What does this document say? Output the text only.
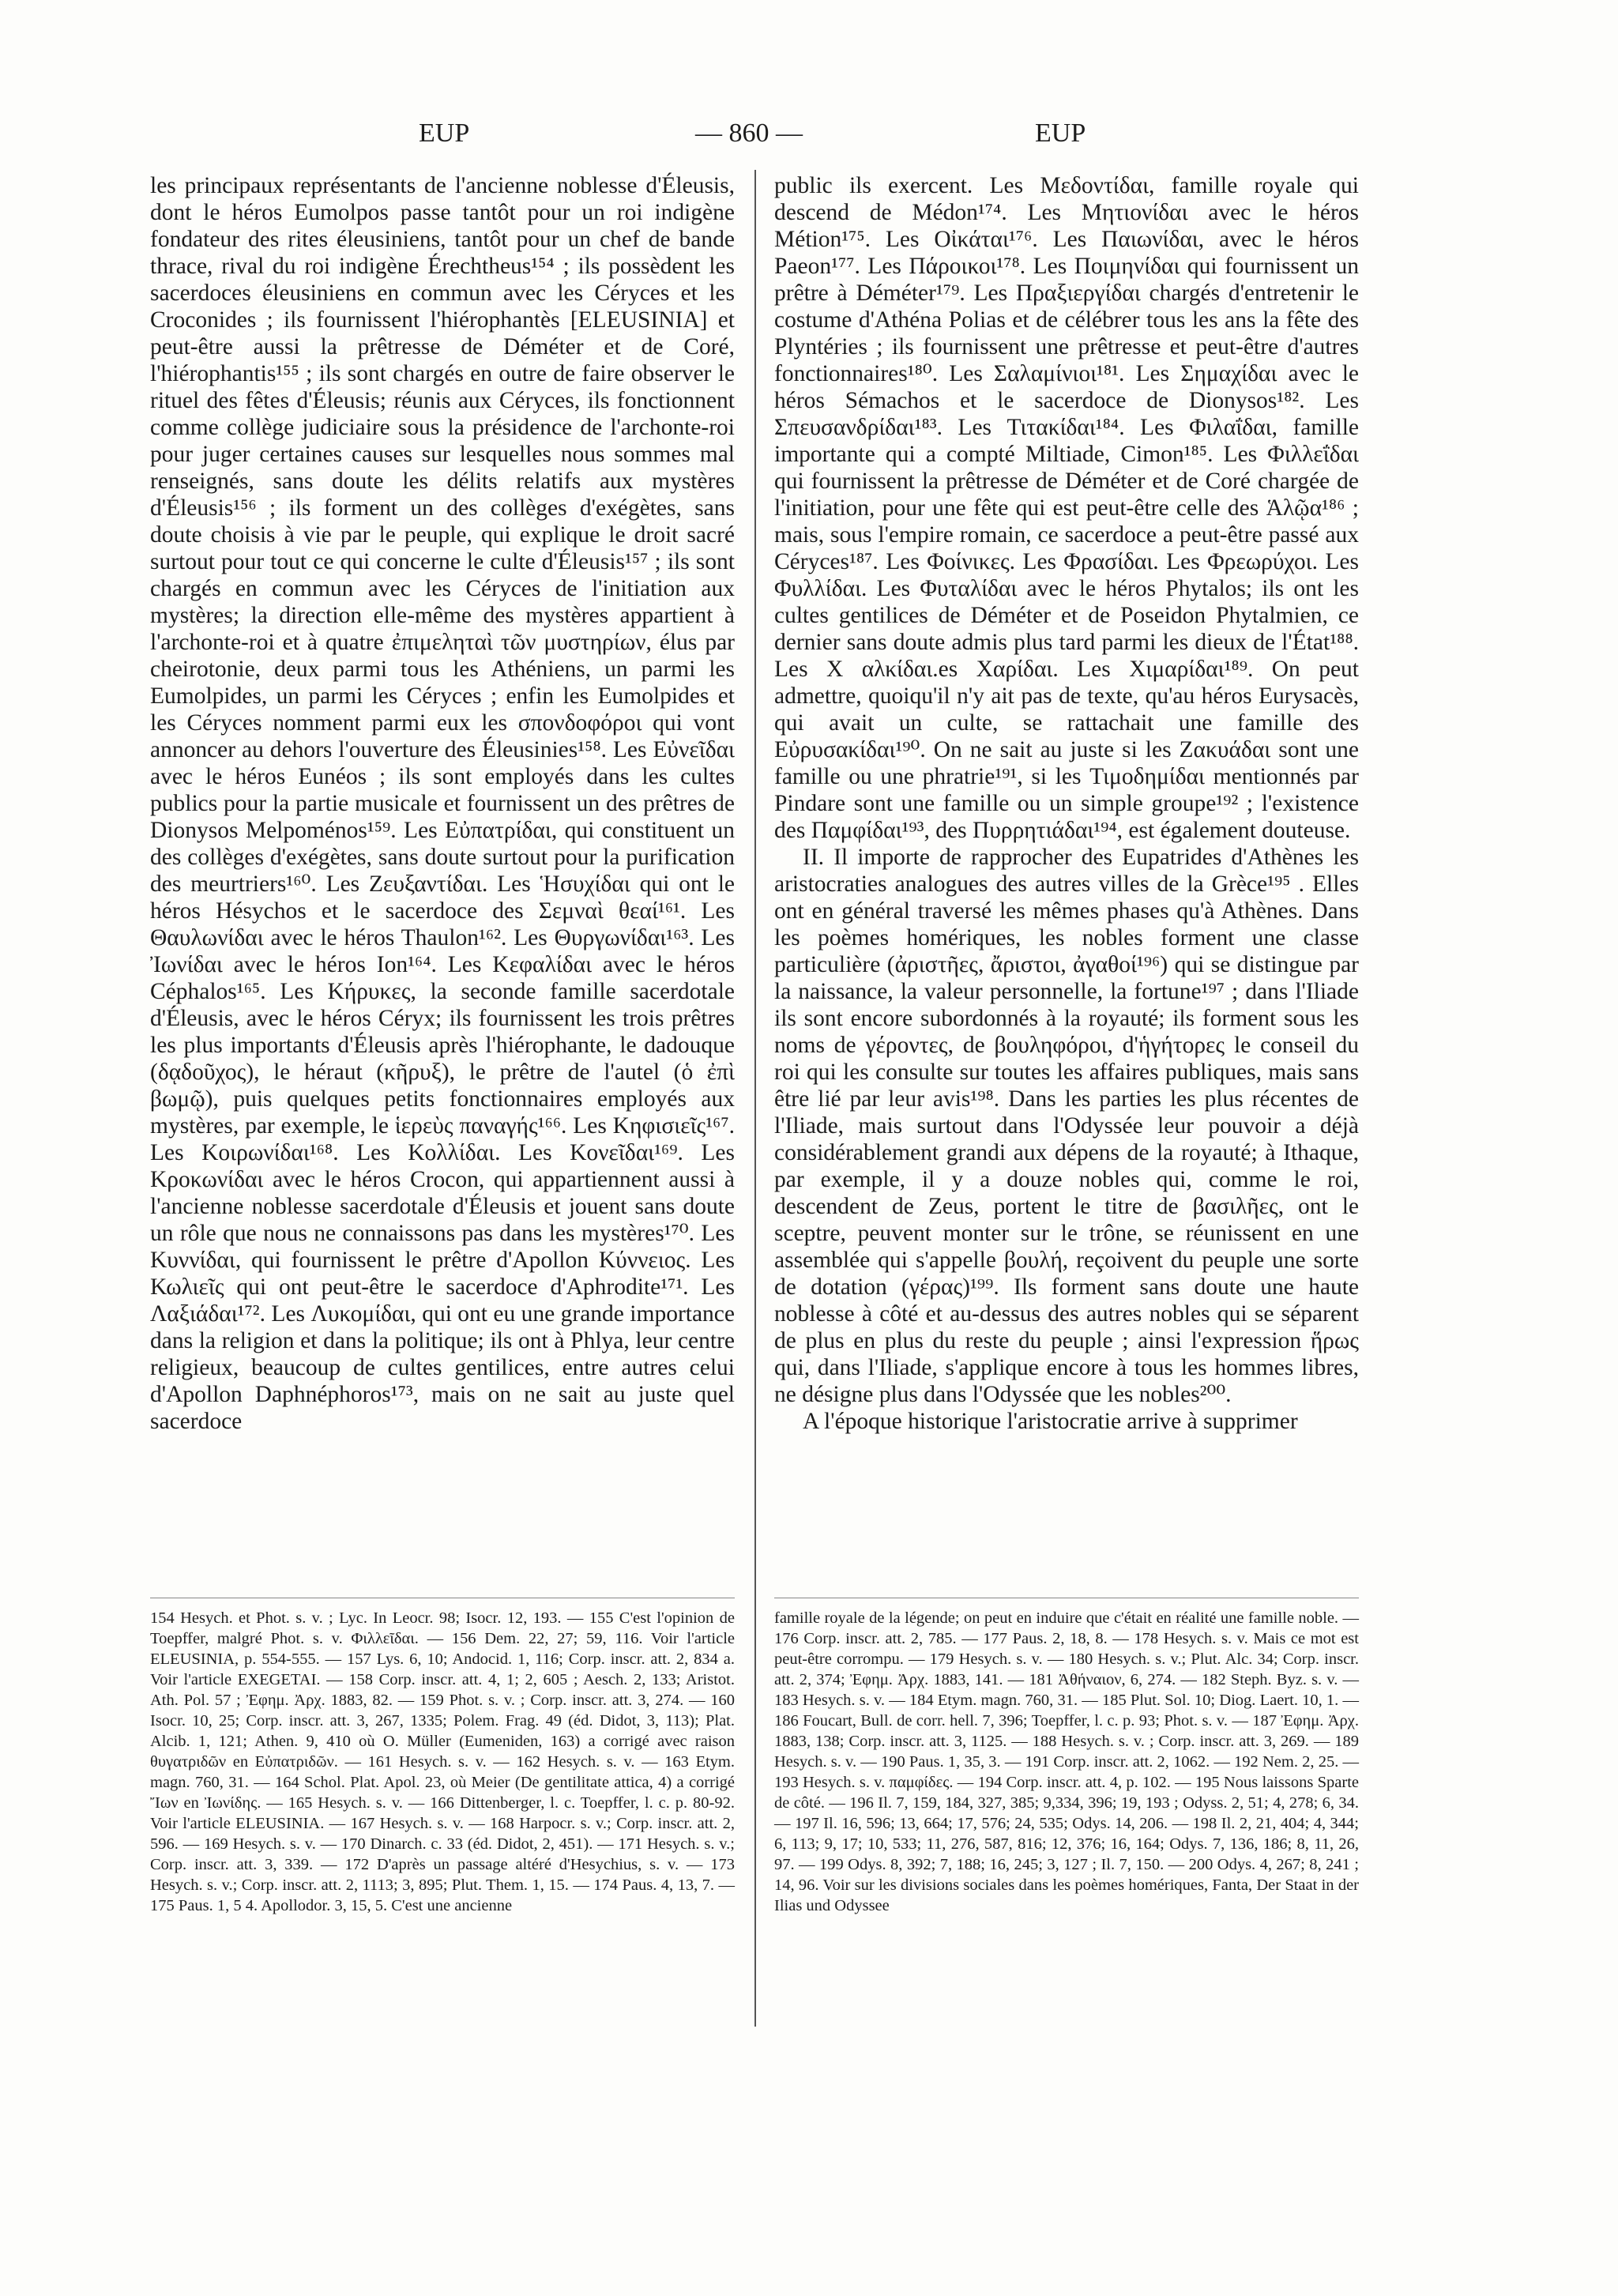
EUP	— 860 —	EUP

les principaux représentants de l'ancienne noblesse d'Éleusis, dont le héros Eumolpos passe tantôt pour un roi indigène fondateur des rites éleusiniens, tantôt pour un chef de bande thrace, rival du roi indigène Érechtheus¹⁵⁴ ; ils possèdent les sacerdoces éleusiniens en commun avec les Céryces et les Croconides ; ils fournissent l'hiérophantès [ELEUSINIA] et peut-être aussi la prêtresse de Déméter et de Coré, l'hiérophantis¹⁵⁵ ; ils sont chargés en outre de faire observer le rituel des fêtes d'Éleusis; réunis aux Céryces, ils fonctionnent comme collège judiciaire sous la présidence de l'archonte-roi pour juger certaines causes sur lesquelles nous sommes mal renseignés, sans doute les délits relatifs aux mystères d'Éleusis¹⁵⁶ ; ils forment un des collèges d'exégètes, sans doute choisis à vie par le peuple, qui explique le droit sacré surtout pour tout ce qui concerne le culte d'Éleusis¹⁵⁷ ; ils sont chargés en commun avec les Céryces de l'initiation aux mystères; la direction elle-même des mystères appartient à l'archonte-roi et à quatre ἐπιμεληταὶ τῶν μυστηρίων, élus par cheirotonie, deux parmi tous les Athéniens, un parmi les Eumolpides, un parmi les Céryces ; enfin les Eumolpides et les Céryces nomment parmi eux les σπονδοφόροι qui vont annoncer au dehors l'ouverture des Éleusinies¹⁵⁸. Les Εὐνεῖδαι avec le héros Eunéos ; ils sont employés dans les cultes publics pour la partie musicale et fournissent un des prêtres de Dionysos Melpoménos¹⁵⁹. Les Εὐπατρίδαι, qui constituent un des collèges d'exégètes, sans doute surtout pour la purification des meurtriers¹⁶⁰. Les Ζευξαντίδαι. Les Ἡσυχίδαι qui ont le héros Hésychos et le sacerdoce des Σεμναὶ θεαί¹⁶¹. Les Θαυλωνίδαι avec le héros Thaulon¹⁶². Les Θυργωνίδαι¹⁶³. Les Ἰωνίδαι avec le héros Ion¹⁶⁴. Les Κεφαλίδαι avec le héros Céphalos¹⁶⁵. Les Κήρυκες, la seconde famille sacerdotale d'Éleusis, avec le héros Céryx; ils fournissent les trois prêtres les plus importants d'Éleusis après l'hiérophante, le dadouque (δᾳδοῦχος), le héraut (κῆρυξ), le prêtre de l'autel (ὁ ἐπὶ βωμῷ), puis quelques petits fonctionnaires employés aux mystères, par exemple, le ἱερεὺς παναγής¹⁶⁶. Les Κηφισιεῖς¹⁶⁷. Les Κοιρωνίδαι¹⁶⁸. Les Κολλίδαι. Les Κονεῖδαι¹⁶⁹. Les Κροκωνίδαι avec le héros Crocon, qui appartiennent aussi à l'ancienne noblesse sacerdotale d'Éleusis et jouent sans doute un rôle que nous ne connaissons pas dans les mystères¹⁷⁰. Les Κυννίδαι, qui fournissent le prêtre d'Apollon Κύννειος. Les Κωλιεῖς qui ont peut-être le sacerdoce d'Aphrodite¹⁷¹. Les Λαξιάδαι¹⁷². Les Λυκομίδαι, qui ont eu une grande importance dans la religion et dans la politique; ils ont à Phlya, leur centre religieux, beaucoup de cultes gentilices, entre autres celui d'Apollon Daphnéphoros¹⁷³, mais on ne sait au juste quel sacerdoce

public ils exercent. Les Μεδοντίδαι, famille royale qui descend de Médon¹⁷⁴. Les Μητιονίδαι avec le héros Métion¹⁷⁵. Les Οἰκάται¹⁷⁶. Les Παιωνίδαι, avec le héros Paeon¹⁷⁷. Les Πάροικοι¹⁷⁸. Les Ποιμηνίδαι qui fournissent un prêtre à Déméter¹⁷⁹. Les Πραξιεργίδαι chargés d'entretenir le costume d'Athéna Polias et de célébrer tous les ans la fête des Plyntéries ; ils fournissent une prêtresse et peut-être d'autres fonctionnaires¹⁸⁰. Les Σαλαμίνιοι¹⁸¹. Les Σημαχίδαι avec le héros Sémachos et le sacerdoce de Dionysos¹⁸². Les Σπευσανδρίδαι¹⁸³. Les Τιτακίδαι¹⁸⁴. Les Φιλαΐδαι, famille importante qui a compté Miltiade, Cimon¹⁸⁵. Les Φιλλεΐδαι qui fournissent la prêtresse de Déméter et de Coré chargée de l'initiation, pour une fête qui est peut-être celle des Ἁλῷα¹⁸⁶ ; mais, sous l'empire romain, ce sacerdoce a peut-être passé aux Céryces¹⁸⁷. Les Φοίνικες. Les Φρασίδαι. Les Φρεωρύχοι. Les Φυλλίδαι. Les Φυταλίδαι avec le héros Phytalos; ils ont les cultes gentilices de Déméter et de Poseidon Phytalmien, ce dernier sans doute admis plus tard parmi les dieux de l'État¹⁸⁸. Les Χ αλκίδαι.es Χαρίδαι. Les Χιμαρίδαι¹⁸⁹. On peut admettre, quoiqu'il n'y ait pas de texte, qu'au héros Eurysacès, qui avait un culte, se rattachait une famille des Εὐρυσακίδαι¹⁹⁰. On ne sait au juste si les Ζακυάδαι sont une famille ou une phratrie¹⁹¹, si les Τιμοδημίδαι mentionnés par Pindare sont une famille ou un simple groupe¹⁹² ; l'existence des Παμφίδαι¹⁹³, des Πυρρητιάδαι¹⁹⁴, est également douteuse.

II. Il importe de rapprocher des Eupatrides d'Athènes les aristocraties analogues des autres villes de la Grèce¹⁹⁵ . Elles ont en général traversé les mêmes phases qu'à Athènes. Dans les poèmes homériques, les nobles forment une classe particulière (ἀριστῆες, ἄριστοι, ἀγαθοί¹⁹⁶) qui se distingue par la naissance, la valeur personnelle, la fortune¹⁹⁷ ; dans l'Iliade ils sont encore subordonnés à la royauté; ils forment sous les noms de γέροντες, de βουληφόροι, d'ἡγήτορες le conseil du roi qui les consulte sur toutes les affaires publiques, mais sans être lié par leur avis¹⁹⁸. Dans les parties les plus récentes de l'Iliade, mais surtout dans l'Odyssée leur pouvoir a déjà considérablement grandi aux dépens de la royauté; à Ithaque, par exemple, il y a douze nobles qui, comme le roi, descendent de Zeus, portent le titre de βασιλῆες, ont le sceptre, peuvent monter sur le trône, se réunissent en une assemblée qui s'appelle βουλή, reçoivent du peuple une sorte de dotation (γέρας)¹⁹⁹. Ils forment sans doute une haute noblesse à côté et au-dessus des autres nobles qui se séparent de plus en plus du reste du peuple ; ainsi l'expression ἥρως qui, dans l'Iliade, s'applique encore à tous les hommes libres, ne désigne plus dans l'Odyssée que les nobles²⁰⁰.

A l'époque historique l'aristocratie arrive à supprimer

154 Hesych. et Phot. s. v. ; Lyc. In Leocr. 98; Isocr. 12, 193. — 155 C'est l'opinion de Toepffer, malgré Phot. s. v. Φιλλεῖδαι. — 156 Dem. 22, 27; 59, 116. Voir l'article ELEUSINIA, p. 554-555. — 157 Lys. 6, 10; Andocid. 1, 116; Corp. inscr. att. 2, 834 a. Voir l'article EXEGETAI. — 158 Corp. inscr. att. 4, 1; 2, 605 ; Aesch. 2, 133; Aristot. Ath. Pol. 57 ; Ἐφημ. Ἀρχ. 1883, 82. — 159 Phot. s. v. ; Corp. inscr. att. 3, 274. — 160 Isocr. 10, 25; Corp. inscr. att. 3, 267, 1335; Polem. Frag. 49 (éd. Didot, 3, 113); Plat. Alcib. 1, 121; Athen. 9, 410 où O. Müller (Eumeniden, 163) a corrigé avec raison θυγατριδῶν en Εὐπατριδῶν. — 161 Hesych. s. v. — 162 Hesych. s. v. — 163 Etym. magn. 760, 31. — 164 Schol. Plat. Apol. 23, où Meier (De gentilitate attica, 4) a corrigé Ἴων en Ἰωνίδης. — 165 Hesych. s. v. — 166 Dittenberger, l. c. Toepffer, l. c. p. 80-92. Voir l'article ELEUSINIA. — 167 Hesych. s. v. — 168 Harpocr. s. v.; Corp. inscr. att. 2, 596. — 169 Hesych. s. v. — 170 Dinarch. c. 33 (éd. Didot, 2, 451). — 171 Hesych. s. v.; Corp. inscr. att. 3, 339. — 172 D'après un passage altéré d'Hesychius, s. v. — 173 Hesych. s. v.; Corp. inscr. att. 2, 1113; 3, 895; Plut. Them. 1, 15. — 174 Paus. 4, 13, 7. — 175 Paus. 1, 5 4. Apollodor. 3, 15, 5. C'est une ancienne
famille royale de la légende; on peut en induire que c'était en réalité une famille noble. — 176 Corp. inscr. att. 2, 785. — 177 Paus. 2, 18, 8. — 178 Hesych. s. v. Mais ce mot est peut-être corrompu. — 179 Hesych. s. v. — 180 Hesych. s. v.; Plut. Alc. 34; Corp. inscr. att. 2, 374; Ἐφημ. Ἀρχ. 1883, 141. — 181 Ἀθήναιον, 6, 274. — 182 Steph. Byz. s. v. — 183 Hesych. s. v. — 184 Etym. magn. 760, 31. — 185 Plut. Sol. 10; Diog. Laert. 10, 1. — 186 Foucart, Bull. de corr. hell. 7, 396; Toepffer, l. c. p. 93; Phot. s. v. — 187 Ἐφημ. Ἀρχ. 1883, 138; Corp. inscr. att. 3, 1125. — 188 Hesych. s. v. ; Corp. inscr. att. 3, 269. — 189 Hesych. s. v. — 190 Paus. 1, 35, 3. — 191 Corp. inscr. att. 2, 1062. — 192 Nem. 2, 25. — 193 Hesych. s. v. παμφίδες. — 194 Corp. inscr. att. 4, p. 102. — 195 Nous laissons Sparte de côté. — 196 Il. 7, 159, 184, 327, 385; 9,334, 396; 19, 193 ; Odyss. 2, 51; 4, 278; 6, 34. — 197 Il. 16, 596; 13, 664; 17, 576; 24, 535; Odys. 14, 206. — 198 Il. 2, 21, 404; 4, 344; 6, 113; 9, 17; 10, 533; 11, 276, 587, 816; 12, 376; 16, 164; Odys. 7, 136, 186; 8, 11, 26, 97. — 199 Odys. 8, 392; 7, 188; 16, 245; 3, 127 ; Il. 7, 150. — 200 Odys. 4, 267; 8, 241 ; 14, 96. Voir sur les divisions sociales dans les poèmes homériques, Fanta, Der Staat in der Ilias und Odyssee
